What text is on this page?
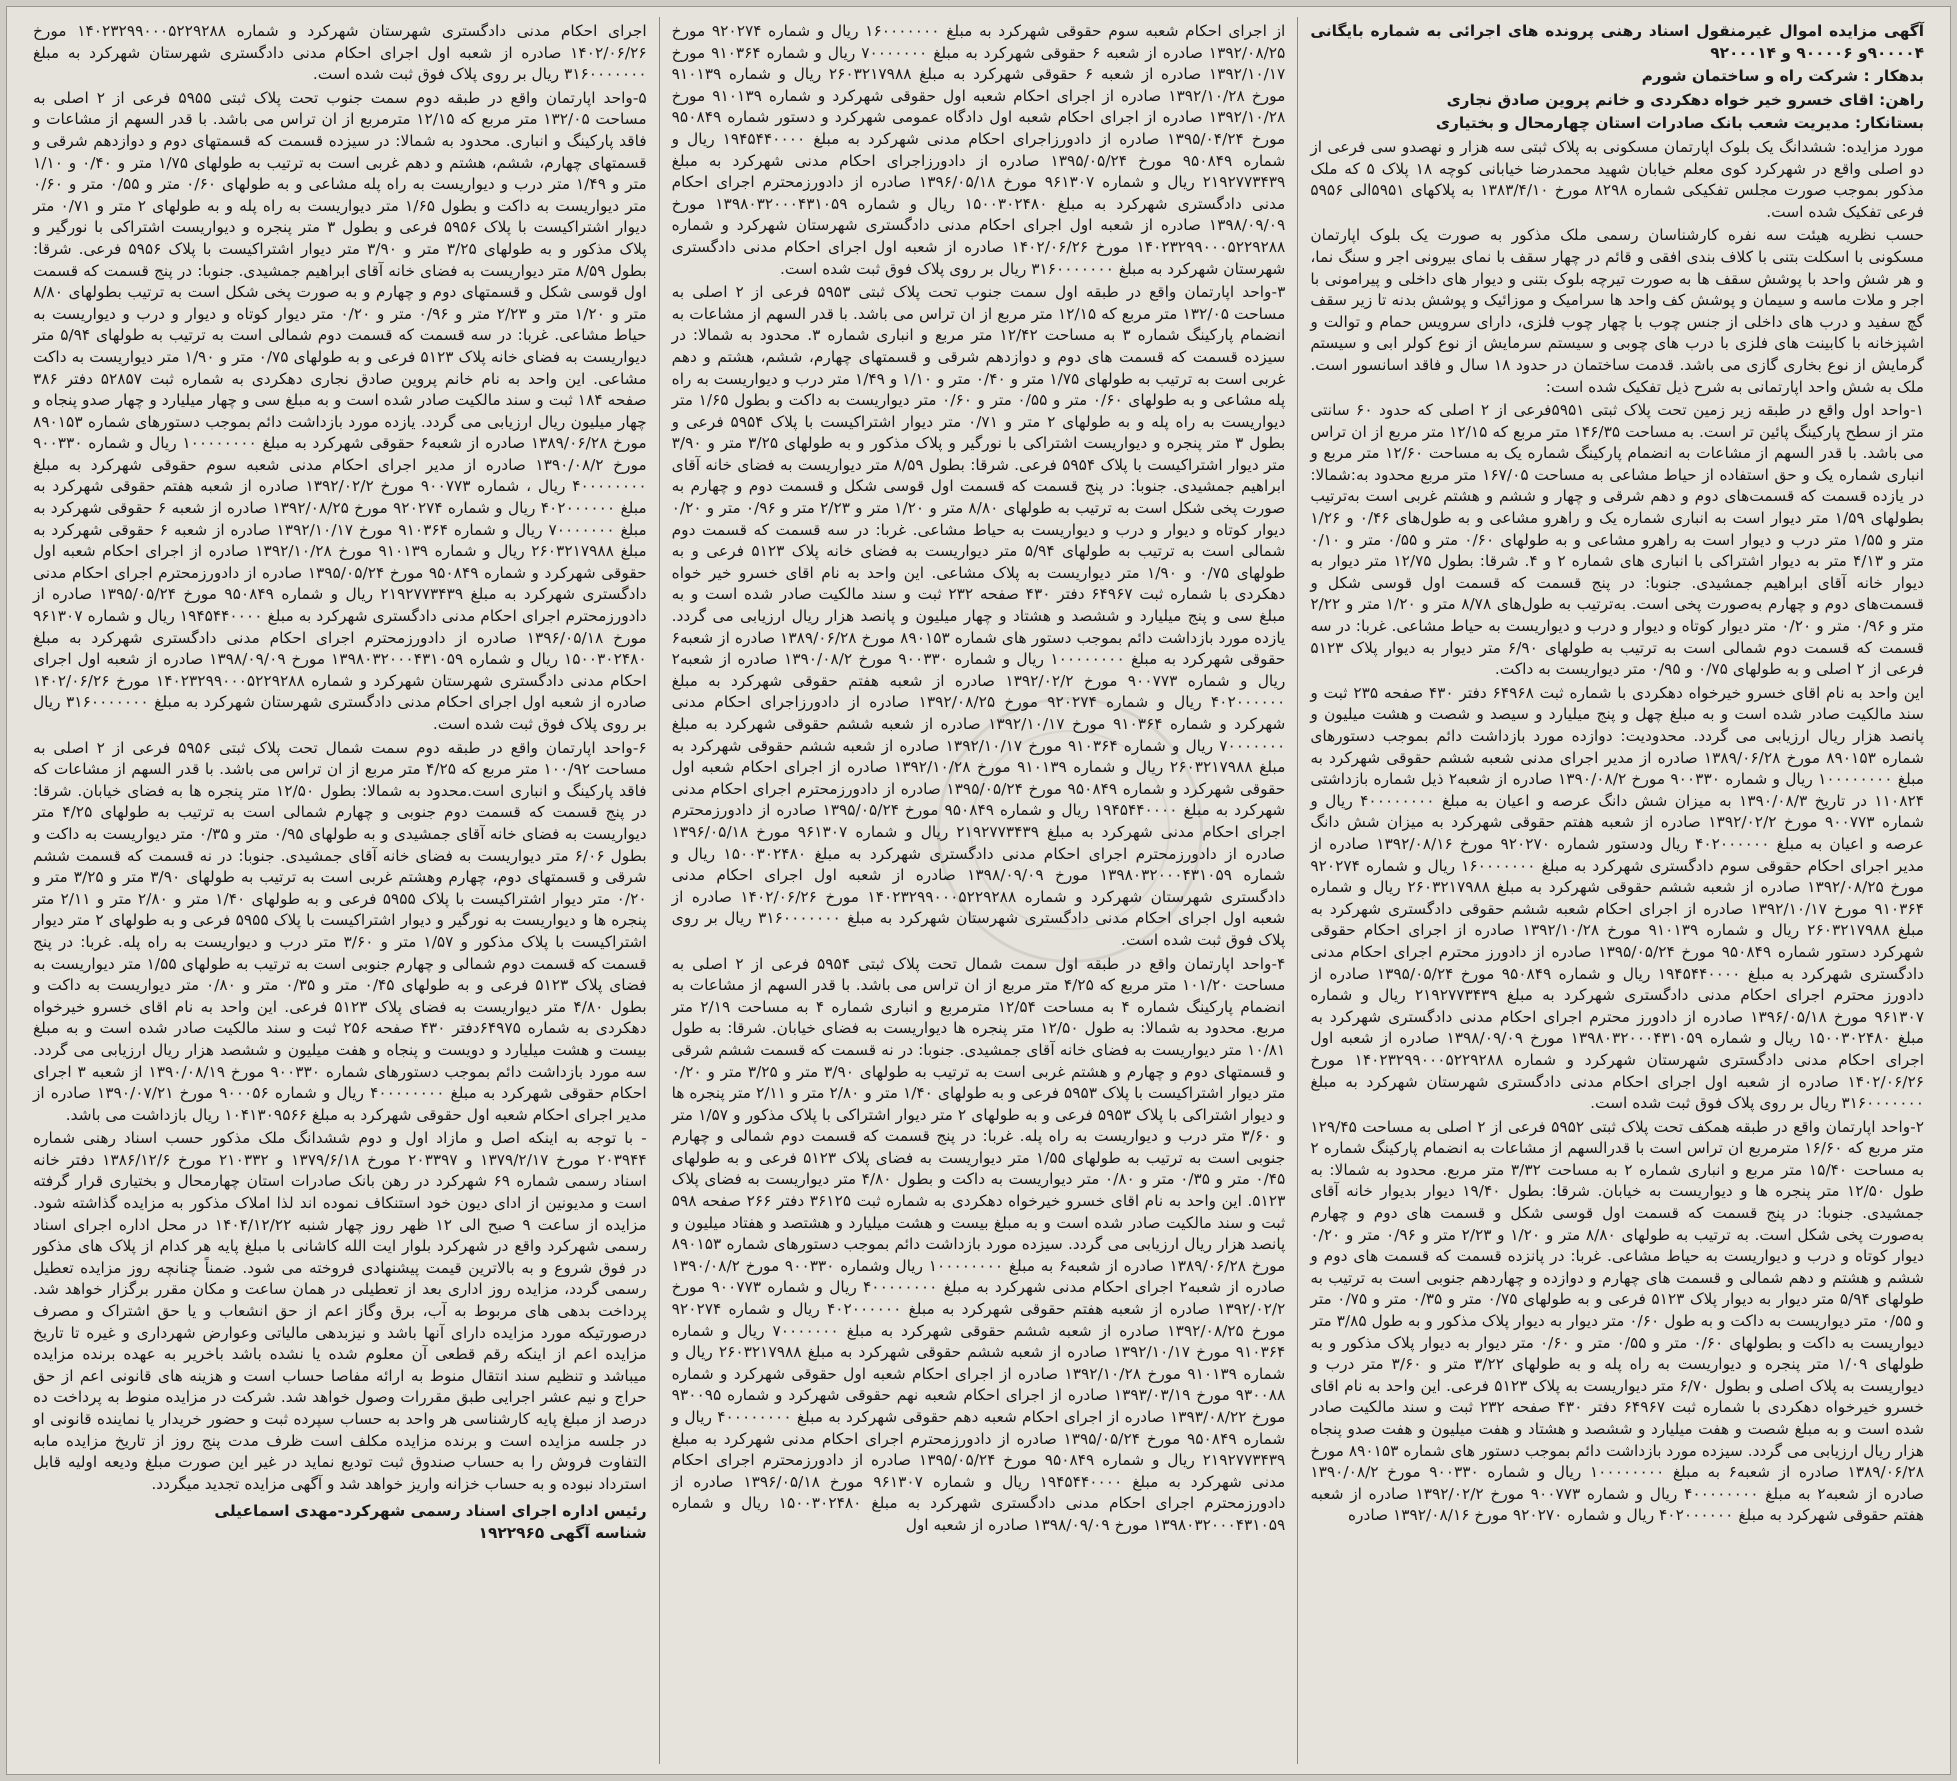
آگهی مزایده اموال غیرمنقول اسناد رهنی پرونده های اجرائی به شماره بایگانی ۹۰۰۰۰۴و ۹۰۰۰۰۶ و ۹۲۰۰۰۱۴

بدهکار : شرکت راه و ساختمان شورم

راهن: اقای خسرو خیر خواه دهکردی و خانم پروین صادق نجاری

بستانکار: مدیریت شعب بانک صادرات استان چهارمحال و بختیاری

مورد مزایده: ششدانگ یک بلوک اپارتمان مسکونی به پلاک ثبتی سه هزار و نهصدو سی فرعی از دو اصلی واقع در شهرکرد کوی معلم خیابان شهید محمدرضا خیابانی کوچه ۱۸ پلاک ۵ که ملک مذکور بموجب صورت مجلس تفکیکی شماره ۸۲۹۸ مورخ ۱۳۸۳/۴/۱۰ به پلاکهای ۵۹۵۱الی ۵۹۵۶ فرعی تفکیک شده است.

حسب نظریه هیئت سه نفره کارشناسان رسمی ملک مذکور به صورت یک بلوک اپارتمان مسکونی با اسکلت بتنی با کلاف بندی افقی و قائم در چهار سقف با نمای بیرونی اجر و سنگ نما، و هر شش واحد با پوشش سقف ها به صورت تیرچه بلوک بتنی و دیوار های داخلی و پیرامونی با اجر و ملات ماسه و سیمان و پوشش کف واحد ها سرامیک و موزائیک و پوشش بدنه تا زیر سقف گچ سفید و درب های داخلی از جنس چوب با چهار چوب فلزی، دارای سرویس حمام و توالت و اشپزخانه با کابینت های فلزی با درب های چوبی و سیستم سرمایش از نوع کولر ابی و سیستم گرمایش از نوع بخاری گازی می باشد. قدمت ساختمان در حدود ۱۸ سال و فاقد اسانسور است. ملک به شش واحد اپارتمانی به شرح ذیل تفکیک شده است:

۱-واحد اول واقع در طبقه زیر زمین تحت پلاک ثبتی ۵۹۵۱فرعی از ۲ اصلی که حدود ۶۰ سانتی متر از سطح پارکینگ پائین تر است. به مساحت ۱۴۶/۳۵ متر مربع که ۱۲/۱۵ متر مربع از ان تراس می باشد. با قدر السهم از مشاعات به انضمام پارکینگ شماره یک به مساحت ۱۲/۶۰ متر مربع و انباری شماره یک و حق استفاده از حیاط مشاعی به مساحت ۱۶۷/۰۵ متر مربع محدود به:شمالا: در یازده قسمت که قسمت‌های دوم و دهم شرقی و چهار و ششم و هشتم غربی است به‌ترتیب بطولهای ۱/۵۹ متر دیوار است به انباری شماره یک و راهرو مشاعی و به طول‌های ۰/۴۶ و ۱/۲۶ متر و ۱/۵۵ متر درب و دیوار است به راهرو مشاعی و به طولهای ۰/۶۰ متر و ۰/۵۵ متر و ۰/۱۰ متر و ۴/۱۳ متر به دیوار اشتراکی با انباری های شماره ۲ و ۴. شرقا: بطول ۱۲/۷۵ متر دیوار به دیوار خانه آقای ابراهیم جمشیدی. جنوبا: در پنج قسمت که قسمت اول قوسی شکل و قسمت‌های دوم و چهارم به‌صورت پخی است. به‌ترتیب به طول‌های ۸/۷۸ متر و ۱/۲۰ متر و ۲/۲۲ متر و ۰/۹۶ متر و ۰/۲۰ متر دیوار کوتاه و دیوار و درب و دیواریست به حیاط مشاعی. غربا: در سه قسمت که قسمت دوم شمالی است به ترتیب به طولهای ۶/۹۰ متر دیوار به دیوار پلاک ۵۱۲۳ فرعی از ۲ اصلی و به طولهای ۰/۷۵ و ۰/۹۵ متر دیواریست به داکت.

این واحد به نام اقای خسرو خیرخواه دهکردی با شماره ثبت ۶۴۹۶۸ دفتر ۴۳۰ صفحه ۲۳۵ ثبت و سند مالکیت صادر شده است و به مبلغ چهل و پنج میلیارد و سیصد و شصت و هشت میلیون و پانصد هزار ریال ارزیابی می گردد. محدودیت: دوازده مورد بازداشت دائم بموجب دستورهای شماره ۸۹۰۱۵۳ مورخ ۱۳۸۹/۰۶/۲۸ صادره از مدیر اجرای مدنی شعبه ششم حقوقی شهرکرد به مبلغ ۱۰۰۰۰۰۰۰۰ ریال و شماره ۹۰۰۳۳۰ مورخ ۱۳۹۰/۰۸/۲ صادره از شعبه۲ ذیل شماره بازداشتی ۱۱۰۸۲۴ در تاریخ ۱۳۹۰/۰۸/۳ به میزان شش دانگ عرصه و اعیان به مبلغ ۴۰۰۰۰۰۰۰۰ ریال و شماره ۹۰۰۷۷۳ مورخ ۱۳۹۲/۰۲/۲ صادره از شعبه هفتم حقوقی شهرکرد به میزان شش دانگ عرصه و اعیان به مبلغ ۴۰۲۰۰۰۰۰۰ ریال ودستور شماره ۹۲۰۲۷۰ مورخ ۱۳۹۲/۰۸/۱۶ صادره از مدیر اجرای احکام حقوقی سوم دادگستری شهرکرد به مبلغ ۱۶۰۰۰۰۰۰۰ ریال و شماره ۹۲۰۲۷۴ مورخ ۱۳۹۲/۰۸/۲۵ صادره از شعبه ششم حقوقی شهرکرد به مبلغ ۲۶۰۳۲۱۷۹۸۸ ریال و شماره ۹۱۰۳۶۴ مورخ ۱۳۹۲/۱۰/۱۷ صادره از اجرای احکام شعبه ششم حقوقی دادگستری شهرکرد به مبلغ ۲۶۰۳۲۱۷۹۸۸ ریال و شماره ۹۱۰۱۳۹ مورخ ۱۳۹۲/۱۰/۲۸ صادره از اجرای احکام حقوقی شهرکرد دستور شماره ۹۵۰۸۴۹ مورخ ۱۳۹۵/۰۵/۲۴ صادره از دادورز محترم اجرای احکام مدنی دادگستری شهرکرد به مبلغ ۱۹۴۵۴۴۰۰۰۰ ریال و شماره ۹۵۰۸۴۹ مورخ ۱۳۹۵/۰۵/۲۴ صادره از دادورز محترم اجرای احکام مدنی دادگستری شهرکرد به مبلغ ۲۱۹۲۷۷۳۴۳۹ ریال و شماره ۹۶۱۳۰۷ مورخ ۱۳۹۶/۰۵/۱۸ صادره از دادورز محترم اجرای احکام مدنی دادگستری شهرکرد به مبلغ ۱۵۰۰۳۰۲۴۸۰ ریال و شماره ۱۳۹۸۰۳۲۰۰۰۴۳۱۰۵۹ مورخ ۱۳۹۸/۰۹/۰۹ صادره از شعبه اول اجرای احکام مدنی دادگستری شهرستان شهرکرد و شماره ۱۴۰۲۳۲۹۹۰۰۰۵۲۲۹۲۸۸ مورخ ۱۴۰۲/۰۶/۲۶ صادره از شعبه اول اجرای احکام مدنی دادگستری شهرستان شهرکرد به مبلغ ۳۱۶۰۰۰۰۰۰۰ ریال بر روی پلاک فوق ثبت شده است.

۲-واحد اپارتمان واقع در طبقه همکف تحت پلاک ثبتی ۵۹۵۲ فرعی از ۲ اصلی به مساحت ۱۲۹/۴۵ متر مربع که ۱۶/۶۰ مترمربع ان تراس است با قدرالسهم از مشاعات به انضمام پارکینگ شماره ۲ به مساحت ۱۵/۴۰ متر مربع و انباری شماره ۲ به مساحت ۳/۳۲ متر مربع. محدود به شمالا: به طول ۱۲/۵۰ متر پنجره ها و دیواریست به خیابان. شرقا: بطول ۱۹/۴۰ دیوار بدیوار خانه آقای جمشیدی. جنوبا: در پنج قسمت که قسمت اول قوسی شکل و قسمت های دوم و چهارم به‌صورت پخی شکل است. به ترتیب به طولهای ۸/۸۰ متر و ۱/۲۰ و ۲/۲۳ متر و ۰/۹۶ متر و ۰/۲۰ دیوار کوتاه و درب و دیواریست به حیاط مشاعی. غربا: در پانزده قسمت که قسمت های دوم و ششم و هشتم و دهم شمالی و قسمت های چهارم و دوازده و چهاردهم جنوبی است به ترتیب به طولهای ۵/۹۴ متر دیوار به دیوار پلاک ۵۱۲۳ فرعی و به طولهای ۰/۷۵ متر و ۰/۳۵ متر و ۰/۷۵ متر و ۰/۵۵ متر دیواریست به داکت و به طول ۰/۶۰ متر دیوار به دیوار پلاک مذکور و به طول ۳/۸۵ متر دیواریست به داکت و بطولهای ۰/۶۰ متر و ۰/۵۵ متر و ۰/۶۰ متر دیوار به دیوار پلاک مذکور و به طولهای ۱/۰۹ متر پنجره و دیواریست به راه پله و به طولهای ۳/۲۲ متر و ۳/۶۰ متر درب و دیواریست به پلاک اصلی و بطول ۶/۷۰ متر دیواریست به پلاک ۵۱۲۳ فرعی. این واحد به نام اقای خسرو خیرخواه دهکردی با شماره ثبت ۶۴۹۶۷ دفتر ۴۳۰ صفحه ۲۳۲ ثبت و سند مالکیت صادر شده است و به مبلغ شصت و هفت میلیارد و ششصد و هشتاد و هفت میلیون و هفت صدو پنجاه هزار ریال ارزیابی می گردد. سیزده مورد بازداشت دائم بموجب دستور های شماره ۸۹۰۱۵۳ مورخ ۱۳۸۹/۰۶/۲۸ صادره از شعبه۶ به مبلغ ۱۰۰۰۰۰۰۰۰ ریال و شماره ۹۰۰۳۳۰ مورخ ۱۳۹۰/۰۸/۲ صادره از شعبه۲ به مبلغ ۴۰۰۰۰۰۰۰۰ ریال و شماره ۹۰۰۷۷۳ مورخ ۱۳۹۲/۰۲/۲ صادره از شعبه هفتم حقوقی شهرکرد به مبلغ ۴۰۲۰۰۰۰۰۰ ریال و شماره ۹۲۰۲۷۰ مورخ ۱۳۹۲/۰۸/۱۶ صادره

از اجرای احکام شعبه سوم حقوقی شهرکرد به مبلغ ۱۶۰۰۰۰۰۰۰ ریال و شماره ۹۲۰۲۷۴ مورخ ۱۳۹۲/۰۸/۲۵ صادره از شعبه ۶ حقوقی شهرکرد به مبلغ ۷۰۰۰۰۰۰۰ ریال و شماره ۹۱۰۳۶۴ مورخ ۱۳۹۲/۱۰/۱۷ صادره از شعبه ۶ حقوقی شهرکرد به مبلغ ۲۶۰۳۲۱۷۹۸۸ ریال و شماره ۹۱۰۱۳۹ مورخ ۱۳۹۲/۱۰/۲۸ صادره از اجرای احکام شعبه اول حقوقی شهرکرد و شماره ۹۱۰۱۳۹ مورخ ۱۳۹۲/۱۰/۲۸ صادره از اجرای احکام شعبه اول دادگاه عمومی شهرکرد و دستور شماره ۹۵۰۸۴۹ مورخ ۱۳۹۵/۰۴/۲۴ صادره از دادورزاجرای احکام مدنی شهرکرد به مبلغ ۱۹۴۵۴۴۰۰۰۰ ریال و شماره ۹۵۰۸۴۹ مورخ ۱۳۹۵/۰۵/۲۴ صادره از دادورزاجرای احکام مدنی شهرکرد به مبلغ ۲۱۹۲۷۷۳۴۳۹ ریال و شماره ۹۶۱۳۰۷ مورخ ۱۳۹۶/۰۵/۱۸ صادره از دادورزمحترم اجرای احکام مدنی دادگستری شهرکرد به مبلغ ۱۵۰۰۳۰۲۴۸۰ ریال و شماره ۱۳۹۸۰۳۲۰۰۰۴۳۱۰۵۹ مورخ ۱۳۹۸/۰۹/۰۹ صادره از شعبه اول اجرای احکام مدنی دادگستری شهرستان شهرکرد و شماره ۱۴۰۲۳۲۹۹۰۰۰۵۲۲۹۲۸۸ مورخ ۱۴۰۲/۰۶/۲۶ صادره از شعبه اول اجرای احکام مدنی دادگستری شهرستان شهرکرد به مبلغ ۳۱۶۰۰۰۰۰۰۰ ریال بر روی پلاک فوق ثبت شده است.

۳-واحد اپارتمان واقع در طبقه اول سمت جنوب تحت پلاک ثبتی ۵۹۵۳ فرعی از ۲ اصلی به مساحت ۱۳۲/۰۵ متر مربع که ۱۲/۱۵ متر مربع از ان تراس می باشد. با قدر السهم از مشاعات به انضمام پارکینگ شماره ۳ به مساحت ۱۲/۴۲ متر مربع و انباری شماره ۳. محدود به شمالا: در سیزده قسمت که قسمت های دوم و دوازدهم شرقی و قسمتهای چهارم، ششم، هشتم و دهم غربی است به ترتیب به طولهای ۱/۷۵ متر و ۰/۴۰ متر و ۱/۱۰ و ۱/۴۹ متر درب و دیواریست به راه پله مشاعی و به طولهای ۰/۶۰ متر و ۰/۵۵ متر و ۰/۶۰ متر دیواریست به داکت و بطول ۱/۶۵ متر دیواریست به راه پله و به طولهای ۲ متر و ۰/۷۱ متر دیوار اشتراکیست با پلاک ۵۹۵۴ فرعی و بطول ۳ متر پنجره و دیواریست اشتراکی با نورگیر و پلاک مذکور و به طولهای ۳/۲۵ متر و ۳/۹۰ متر دیوار اشتراکیست با پلاک ۵۹۵۴ فرعی. شرقا: بطول ۸/۵۹ متر دیواریست به فضای خانه آقای ابراهیم جمشیدی. جنوبا: در پنج قسمت که قسمت اول قوسی شکل و قسمت دوم و چهارم به صورت پخی شکل است به ترتیب به طولهای ۸/۸۰ متر و ۱/۲۰ متر و ۲/۲۳ متر و ۰/۹۶ متر و ۰/۲۰ دیوار کوتاه و دیوار و درب و دیواریست به حیاط مشاعی. غربا: در سه قسمت که قسمت دوم شمالی است به ترتیب به طولهای ۵/۹۴ متر دیواریست به فضای خانه پلاک ۵۱۲۳ فرعی و به طولهای ۰/۷۵ و ۱/۹۰ متر دیواریست به پلاک مشاعی. این واحد به نام اقای خسرو خیر خواه دهکردی با شماره ثبت ۶۴۹۶۷ دفتر ۴۳۰ صفحه ۲۳۲ ثبت و سند مالکیت صادر شده است و به مبلغ سی و پنج میلیارد و ششصد و هشتاد و چهار میلیون و پانصد هزار ریال ارزیابی می گردد. یازده مورد بازداشت دائم بموجب دستور های شماره ۸۹۰۱۵۳ مورخ ۱۳۸۹/۰۶/۲۸ صادره از شعبه۶ حقوقی شهرکرد به مبلغ ۱۰۰۰۰۰۰۰۰ ریال و شماره ۹۰۰۳۳۰ مورخ ۱۳۹۰/۰۸/۲ صادره از شعبه۲ ریال و شماره ۹۰۰۷۷۳ مورخ ۱۳۹۲/۰۲/۲ صادره از شعبه هفتم حقوقی شهرکرد به مبلغ ۴۰۲۰۰۰۰۰۰ ریال و شماره ۹۲۰۲۷۴ مورخ ۱۳۹۲/۰۸/۲۵ صادره از دادورزاجرای احکام مدنی شهرکرد و شماره ۹۱۰۳۶۴ مورخ ۱۳۹۲/۱۰/۱۷ صادره از شعبه ششم حقوقی شهرکرد به مبلغ ۷۰۰۰۰۰۰۰ ریال و شماره ۹۱۰۳۶۴ مورخ ۱۳۹۲/۱۰/۱۷ صادره از شعبه ششم حقوقی شهرکرد به مبلغ ۲۶۰۳۲۱۷۹۸۸ ریال و شماره ۹۱۰۱۳۹ مورخ ۱۳۹۲/۱۰/۲۸ صادره از اجرای احکام شعبه اول حقوقی شهرکرد و شماره ۹۵۰۸۴۹ مورخ ۱۳۹۵/۰۵/۲۴ صادره از دادورزمحترم اجرای احکام مدنی شهرکرد به مبلغ ۱۹۴۵۴۴۰۰۰۰ ریال و شماره ۹۵۰۸۴۹ مورخ ۱۳۹۵/۰۵/۲۴ صادره از دادورزمحترم اجرای احکام مدنی شهرکرد به مبلغ ۲۱۹۲۷۷۳۴۳۹ ریال و شماره ۹۶۱۳۰۷ مورخ ۱۳۹۶/۰۵/۱۸ صادره از دادورزمحترم اجرای احکام مدنی دادگستری شهرکرد به مبلغ ۱۵۰۰۳۰۲۴۸۰ ریال و شماره ۱۳۹۸۰۳۲۰۰۰۴۳۱۰۵۹ مورخ ۱۳۹۸/۰۹/۰۹ صادره از شعبه اول اجرای احکام مدنی دادگستری شهرستان شهرکرد و شماره ۱۴۰۲۳۲۹۹۰۰۰۵۲۲۹۲۸۸ مورخ ۱۴۰۲/۰۶/۲۶ صادره از شعبه اول اجرای احکام مدنی دادگستری شهرستان شهرکرد به مبلغ ۳۱۶۰۰۰۰۰۰۰ ریال بر روی پلاک فوق ثبت شده است.

۴-واحد اپارتمان واقع در طبقه اول سمت شمال تحت پلاک ثبتی ۵۹۵۴ فرعی از ۲ اصلی به مساحت ۱۰۱/۲۰ متر مربع که ۴/۲۵ متر مربع از ان تراس می باشد. با قدر السهم از مشاعات به انضمام پارکینگ شماره ۴ به مساحت ۱۲/۵۴ مترمربع و انباری شماره ۴ به مساحت ۲/۱۹ متر مربع. محدود به شمالا: به طول ۱۲/۵۰ متر پنجره ها دیواریست به فضای خیابان. شرقا: به طول ۱۰/۸۱ متر دیواریست به فضای خانه آقای جمشیدی. جنوبا: در نه قسمت که قسمت ششم شرقی و قسمتهای دوم و چهارم و هشتم غربی است به ترتیب به طولهای ۳/۹۰ متر و ۳/۲۵ متر و ۰/۲۰ متر دیوار اشتراکیست با پلاک ۵۹۵۳ فرعی و به طولهای ۱/۴۰ متر و ۲/۸۰ متر و ۲/۱۱ متر پنجره ها و دیوار اشتراکی با پلاک ۵۹۵۳ فرعی و به طولهای ۲ متر دیوار اشتراکی با پلاک مذکور و ۱/۵۷ متر و ۳/۶۰ متر درب و دیواریست به راه پله. غربا: در پنج قسمت که قسمت دوم شمالی و چهارم جنوبی است به ترتیب به طولهای ۱/۵۵ متر دیواریست به فضای پلاک ۵۱۲۳ فرعی و به طولهای ۰/۴۵ متر و ۰/۳۵ متر و ۰/۸۰ متر دیواریست به داکت و بطول ۴/۸۰ متر دیواریست به فضای پلاک ۵۱۲۳. این واحد به نام اقای خسرو خیرخواه دهکردی به شماره ثبت ۳۶۱۲۵ دفتر ۲۶۶ صفحه ۵۹۸ ثبت و سند مالکیت صادر شده است و به مبلغ بیست و هشت میلیارد و هشتصد و هفتاد میلیون و پانصد هزار ریال ارزیابی می گردد. سیزده مورد بازداشت دائم بموجب دستورهای شماره ۸۹۰۱۵۳ مورخ ۱۳۸۹/۰۶/۲۸ صادره از شعبه۶ به مبلغ ۱۰۰۰۰۰۰۰۰ ریال وشماره ۹۰۰۳۳۰ مورخ ۱۳۹۰/۰۸/۲ صادره از شعبه۲ اجرای احکام مدنی شهرکرد به مبلغ ۴۰۰۰۰۰۰۰۰ ریال و شماره ۹۰۰۷۷۳ مورخ ۱۳۹۲/۰۲/۲ صادره از شعبه هفتم حقوقی شهرکرد به مبلغ ۴۰۲۰۰۰۰۰۰ ریال و شماره ۹۲۰۲۷۴ مورخ ۱۳۹۲/۰۸/۲۵ صادره از شعبه ششم حقوقی شهرکرد به مبلغ ۷۰۰۰۰۰۰۰ ریال و شماره ۹۱۰۳۶۴ مورخ ۱۳۹۲/۱۰/۱۷ صادره از شعبه ششم حقوقی شهرکرد به مبلغ ۲۶۰۳۲۱۷۹۸۸ ریال و شماره ۹۱۰۱۳۹ مورخ ۱۳۹۲/۱۰/۲۸ صادره از اجرای احکام شعبه اول حقوقی شهرکرد و شماره ۹۳۰۰۸۸ مورخ ۱۳۹۳/۰۳/۱۹ صادره از اجرای احکام شعبه نهم حقوقی شهرکرد و شماره ۹۳۰۰۹۵ مورخ ۱۳۹۳/۰۸/۲۲ صادره از اجرای احکام شعبه دهم حقوقی شهرکرد به مبلغ ۴۰۰۰۰۰۰۰۰ ریال و شماره ۹۵۰۸۴۹ مورخ ۱۳۹۵/۰۵/۲۴ صادره از دادورزمحترم اجرای احکام مدنی شهرکرد به مبلغ ۲۱۹۲۷۷۳۴۳۹ ریال و شماره ۹۵۰۸۴۹ مورخ ۱۳۹۵/۰۵/۲۴ صادره از دادورزمحترم اجرای احکام مدنی شهرکرد به مبلغ ۱۹۴۵۴۴۰۰۰۰ ریال و شماره ۹۶۱۳۰۷ مورخ ۱۳۹۶/۰۵/۱۸ صادره از دادورزمحترم اجرای احکام مدنی دادگستری شهرکرد به مبلغ ۱۵۰۰۳۰۲۴۸۰ ریال و شماره ۱۳۹۸۰۳۲۰۰۰۴۳۱۰۵۹ مورخ ۱۳۹۸/۰۹/۰۹ صادره از شعبه اول

اجرای احکام مدنی دادگستری شهرستان شهرکرد و شماره ۱۴۰۲۳۲۹۹۰۰۰۵۲۲۹۲۸۸ مورخ ۱۴۰۲/۰۶/۲۶ صادره از شعبه اول اجرای احکام مدنی دادگستری شهرستان شهرکرد به مبلغ ۳۱۶۰۰۰۰۰۰۰ ریال بر روی پلاک فوق ثبت شده است.

۵-واحد اپارتمان واقع در طبقه دوم سمت جنوب تحت پلاک ثبتی ۵۹۵۵ فرعی از ۲ اصلی به مساحت ۱۳۲/۰۵ متر مربع که ۱۲/۱۵ مترمربع از ان تراس می باشد. با قدر السهم از مشاعات و فاقد پارکینگ و انباری. محدود به شمالا: در سیزده قسمت که قسمتهای دوم و دوازدهم شرقی و قسمتهای چهارم، ششم، هشتم و دهم غربی است به ترتیب به طولهای ۱/۷۵ متر و ۰/۴۰ و ۱/۱۰ متر و ۱/۴۹ متر درب و دیواریست به راه پله مشاعی و به طولهای ۰/۶۰ متر و ۰/۵۵ متر و ۰/۶۰ متر دیواریست به داکت و بطول ۱/۶۵ متر دیواریست به راه پله و به طولهای ۲ متر و ۰/۷۱ متر دیوار اشتراکیست با پلاک ۵۹۵۶ فرعی و بطول ۳ متر پنجره و دیواریست اشتراکی با نورگیر و پلاک مذکور و به طولهای ۳/۲۵ متر و ۳/۹۰ متر دیوار اشتراکیست با پلاک ۵۹۵۶ فرعی. شرقا: بطول ۸/۵۹ متر دیواریست به فضای خانه آقای ابراهیم جمشیدی. جنوبا: در پنج قسمت که قسمت اول قوسی شکل و قسمتهای دوم و چهارم و به صورت پخی شکل است به ترتیب بطولهای ۸/۸۰ متر و ۱/۲۰ متر و ۲/۲۳ متر و ۰/۹۶ متر و ۰/۲۰ متر دیوار کوتاه و دیوار و درب و دیواریست به حیاط مشاعی. غربا: در سه قسمت که قسمت دوم شمالی است به ترتیب به طولهای ۵/۹۴ متر دیواریست به فضای خانه پلاک ۵۱۲۳ فرعی و به طولهای ۰/۷۵ متر و ۱/۹۰ متر دیواریست به داکت مشاعی. این واحد به نام خانم پروین صادق نجاری دهکردی به شماره ثبت ۵۲۸۵۷ دفتر ۳۸۶ صفحه ۱۸۴ ثبت و سند مالکیت صادر شده است و به مبلغ سی و چهار میلیارد و چهار صدو پنجاه و چهار میلیون ریال ارزیابی می گردد. یازده مورد بازداشت دائم بموجب دستورهای شماره ۸۹۰۱۵۳ مورخ ۱۳۸۹/۰۶/۲۸ صادره از شعبه۶ حقوقی شهرکرد به مبلغ ۱۰۰۰۰۰۰۰۰ ریال و شماره ۹۰۰۳۳۰ مورخ ۱۳۹۰/۰۸/۲ صادره از مدیر اجرای احکام مدنی شعبه سوم حقوقی شهرکرد به مبلغ ۴۰۰۰۰۰۰۰۰ ریال ، شماره ۹۰۰۷۷۳ مورخ ۱۳۹۲/۰۲/۲ صادره از شعبه هفتم حقوقی شهرکرد به مبلغ ۴۰۲۰۰۰۰۰۰ ریال و شماره ۹۲۰۲۷۴ مورخ ۱۳۹۲/۰۸/۲۵ صادره از شعبه ۶ حقوقی شهرکرد به مبلغ ۷۰۰۰۰۰۰۰ ریال و شماره ۹۱۰۳۶۴ مورخ ۱۳۹۲/۱۰/۱۷ صادره از شعبه ۶ حقوقی شهرکرد به مبلغ ۲۶۰۳۲۱۷۹۸۸ ریال و شماره ۹۱۰۱۳۹ مورخ ۱۳۹۲/۱۰/۲۸ صادره از اجرای احکام شعبه اول حقوقی شهرکرد و شماره ۹۵۰۸۴۹ مورخ ۱۳۹۵/۰۵/۲۴ صادره از دادورزمحترم اجرای احکام مدنی دادگستری شهرکرد به مبلغ ۲۱۹۲۷۷۳۴۳۹ ریال و شماره ۹۵۰۸۴۹ مورخ ۱۳۹۵/۰۵/۲۴ صادره از دادورزمحترم اجرای احکام مدنی دادگستری شهرکرد به مبلغ ۱۹۴۵۴۴۰۰۰۰ ریال و شماره ۹۶۱۳۰۷ مورخ ۱۳۹۶/۰۵/۱۸ صادره از دادورزمحترم اجرای احکام مدنی دادگستری شهرکرد به مبلغ ۱۵۰۰۳۰۲۴۸۰ ریال و شماره ۱۳۹۸۰۳۲۰۰۰۴۳۱۰۵۹ مورخ ۱۳۹۸/۰۹/۰۹ صادره از شعبه اول اجرای احکام مدنی دادگستری شهرستان شهرکرد و شماره ۱۴۰۲۳۲۹۹۰۰۰۵۲۲۹۲۸۸ مورخ ۱۴۰۲/۰۶/۲۶ صادره از شعبه اول اجرای احکام مدنی دادگستری شهرستان شهرکرد به مبلغ ۳۱۶۰۰۰۰۰۰۰ ریال بر روی پلاک فوق ثبت شده است.

۶-واحد اپارتمان واقع در طبقه دوم سمت شمال تحت پلاک ثبتی ۵۹۵۶ فرعی از ۲ اصلی به مساحت ۱۰۰/۹۲ متر مربع که ۴/۲۵ متر مربع از ان تراس می باشد. با قدر السهم از مشاعات که فاقد پارکینگ و انباری است.محدود به شمالا: بطول ۱۲/۵۰ متر پنجره ها به فضای خیابان. شرقا: در پنج قسمت که قسمت دوم جنوبی و چهارم شمالی است به ترتیب به طولهای ۴/۲۵ متر دیواریست به فضای خانه آقای جمشیدی و به طولهای ۰/۹۵ متر و ۰/۳۵ متر دیواریست به داکت و بطول ۶/۰۶ متر دیواریست به فضای خانه آقای جمشیدی. جنوبا: در نه قسمت که قسمت ششم شرقی و قسمتهای دوم، چهارم وهشتم غربی است به ترتیب به طولهای ۳/۹۰ متر و ۳/۲۵ متر و ۰/۲۰ متر دیوار اشتراکیست با پلاک ۵۹۵۵ فرعی و به طولهای ۱/۴۰ متر و ۲/۸۰ متر و ۲/۱۱ متر پنجره ها و دیواریست به نورگیر و دیوار اشتراکیست با پلاک ۵۹۵۵ فرعی و به طولهای ۲ متر دیوار اشتراکیست با پلاک مذکور و ۱/۵۷ متر و ۳/۶۰ متر درب و دیواریست به راه پله. غربا: در پنج قسمت که قسمت دوم شمالی و چهارم جنوبی است به ترتیب به طولهای ۱/۵۵ متر دیواریست به فضای پلاک ۵۱۲۳ فرعی و به طولهای ۰/۴۵ متر و ۰/۳۵ متر و ۰/۸۰ متر دیواریست به داکت و بطول ۴/۸۰ متر دیواریست به فضای پلاک ۵۱۲۳ فرعی. این واحد به نام اقای خسرو خیرخواه دهکردی به شماره ۶۴۹۷۵دفتر ۴۳۰ صفحه ۲۵۶ ثبت و سند مالکیت صادر شده است و به مبلغ بیست و هشت میلیارد و دویست و پنجاه و هفت میلیون و ششصد هزار ریال ارزیابی می گردد. سه مورد بازداشت دائم بموجب دستورهای شماره ۹۰۰۳۳۰ مورخ ۱۳۹۰/۰۸/۱۹ از شعبه ۳ اجرای احکام حقوقی شهرکرد به مبلغ ۴۰۰۰۰۰۰۰۰ ریال و شماره ۹۰۰۰۵۶ مورخ ۱۳۹۰/۰۷/۲۱ صادره از مدیر اجرای احکام شعبه اول حقوقی شهرکرد به مبلغ ۱۰۴۱۳۰۹۵۶۶ ریال بازداشت می باشد.

- با توجه به اینکه اصل و مازاد اول و دوم ششدانگ ملک مذکور حسب اسناد رهنی شماره ۲۰۳۹۴۴ مورخ ۱۳۷۹/۲/۱۷ و ۲۰۳۳۹۷ مورخ ۱۳۷۹/۶/۱۸ و ۲۱۰۳۳۲ مورخ ۱۳۸۶/۱۲/۶ دفتر خانه اسناد رسمی شماره ۶۹ شهرکرد در رهن بانک صادرات استان چهارمحال و بختیاری قرار گرفته است و مدیونین از ادای دیون خود استنکاف نموده اند لذا املاک مذکور به مزایده گذاشته شود. مزایده از ساعت ۹ صبح الی ۱۲ ظهر روز چهار شنبه ۱۴۰۴/۱۲/۲۲ در محل اداره اجرای اسناد رسمی شهرکرد واقع در شهرکرد بلوار ایت الله کاشانی با مبلغ پایه هر کدام از پلاک های مذکور در فوق شروع و به بالاترین قیمت پیشنهادی فروخته می شود. ضمناً چنانچه روز مزایده تعطیل رسمی گردد، مزایده روز اداری بعد از تعطیلی در همان ساعت و مکان مقرر برگزار خواهد شد. پرداخت بدهی های مربوط به آب، برق وگاز اعم از حق انشعاب و یا حق اشتراک و مصرف درصورتیکه مورد مزایده دارای آنها باشد و نیزبدهی مالیاتی وعوارض شهرداری و غیره تا تاریخ مزایده اعم از اینکه رقم قطعی آن معلوم شده یا نشده باشد باخریر به عهده برنده مزایده میباشد و تنظیم سند انتقال منوط به ارائه مفاصا حساب است و هزینه های قانونی اعم از حق حراج و نیم عشر اجرایی طبق مقررات وصول خواهد شد. شرکت در مزایده منوط به پرداخت ده درصد از مبلغ پایه کارشناسی هر واحد به حساب سپرده ثبت و حضور خریدار یا نماینده قانونی او در جلسه مزایده است و برنده مزایده مکلف است ظرف مدت پنج روز از تاریخ مزایده مابه التفاوت فروش را به حساب صندوق ثبت تودیع نماید در غیر این صورت مبلغ ودیعه اولیه قابل استرداد نبوده و به حساب خزانه واریز خواهد شد و آگهی مزایده تجدید میگردد.

رئیس اداره اجرای اسناد رسمی شهرکرد-مهدی اسماعیلی

شناسه آگهی ۱۹۲۲۹۶۵
